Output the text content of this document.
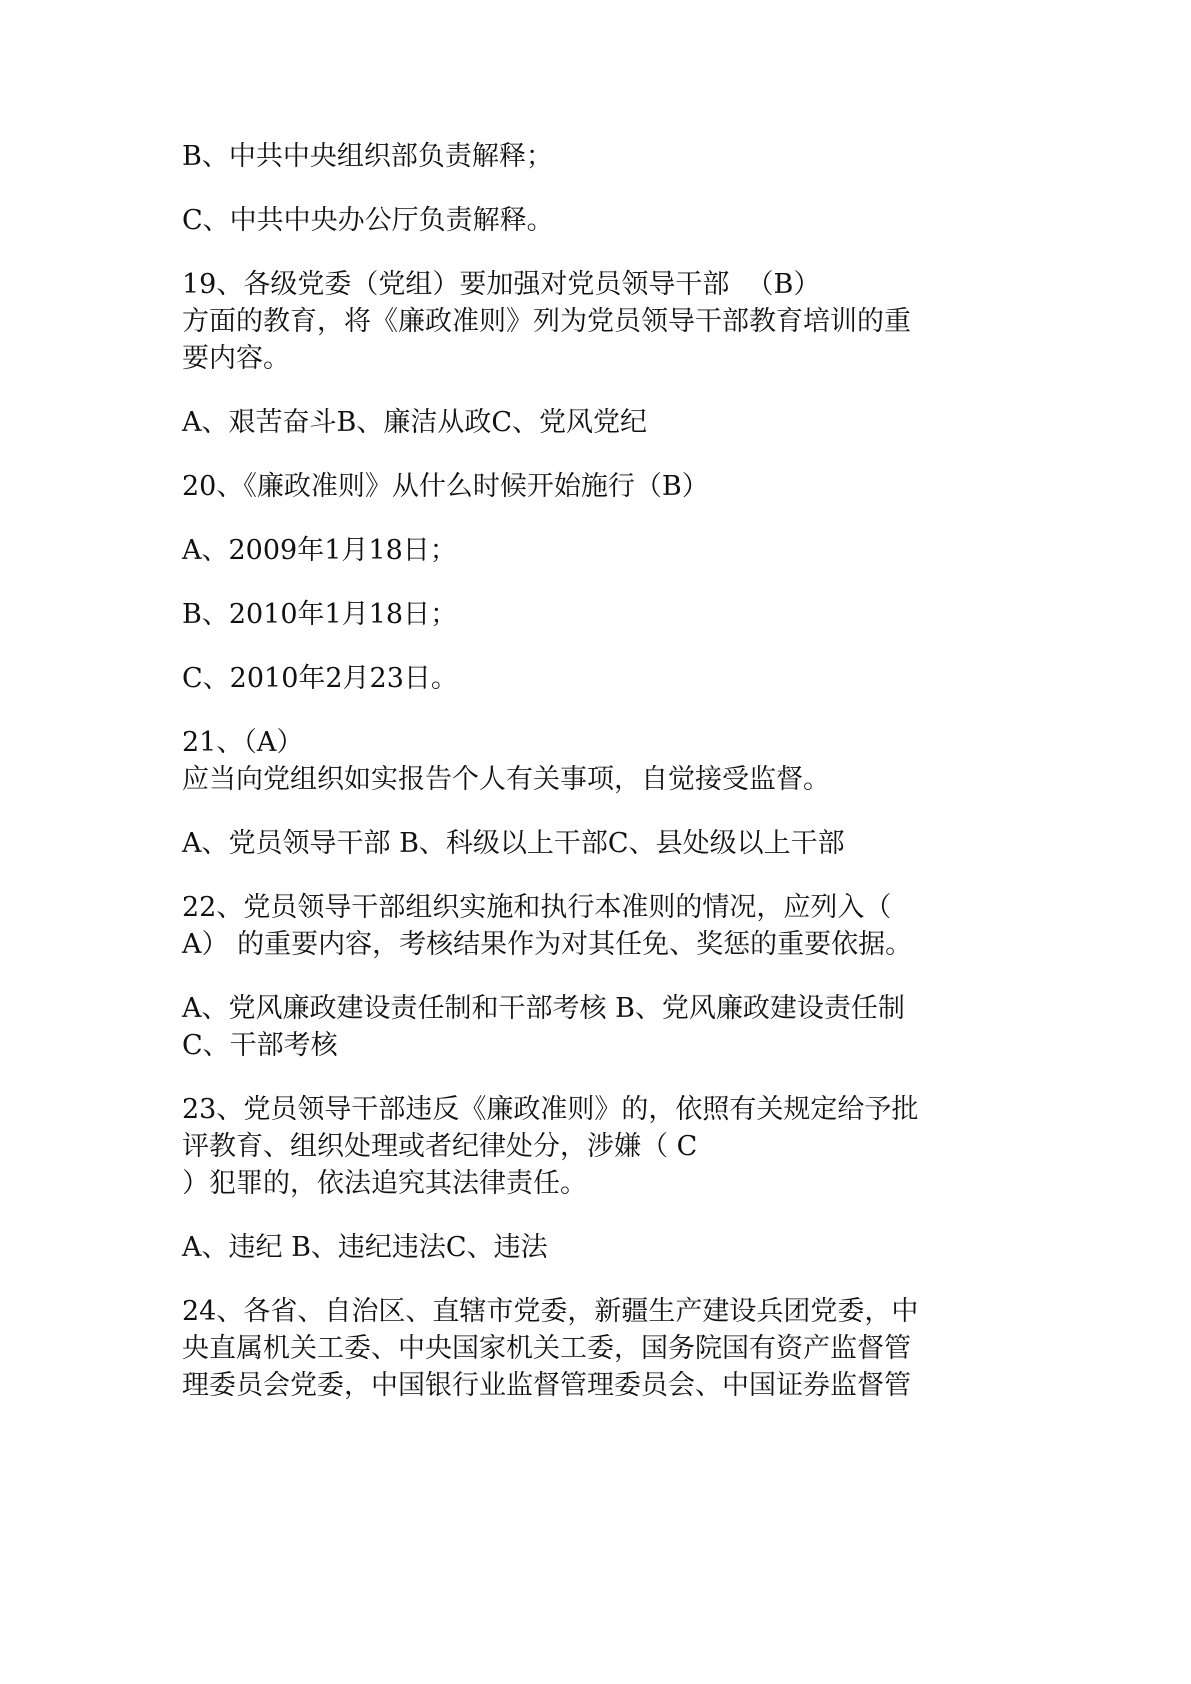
B、中共中央组织部负责解释；

C、中共中央办公厅负责解释。

19、各级党委（党组）要加强对党员领导干部  （B）
方面的教育，将《廉政准则》列为党员领导干部教育培训的重
要内容。

A、艰苦奋斗B、廉洁从政C、党风党纪

20、《廉政准则》从什么时候开始施行（B）

A、2009年1月18日；

B、2010年1月18日；

C、2010年2月23日。

21、（A）
应当向党组织如实报告个人有关事项，自觉接受监督。

A、党员领导干部 B、科级以上干部C、县处级以上干部

22、党员领导干部组织实施和执行本准则的情况，应列入（
A） 的重要内容，考核结果作为对其任免、奖惩的重要依据。

A、党风廉政建设责任制和干部考核 B、党风廉政建设责任制
C、干部考核

23、党员领导干部违反《廉政准则》的，依照有关规定给予批
评教育、组织处理或者纪律处分，涉嫌（ C
）犯罪的，依法追究其法律责任。

A、违纪 B、违纪违法C、违法

24、各省、自治区、直辖市党委，新疆生产建设兵团党委，中
央直属机关工委、中央国家机关工委，国务院国有资产监督管
理委员会党委，中国银行业监督管理委员会、中国证券监督管
